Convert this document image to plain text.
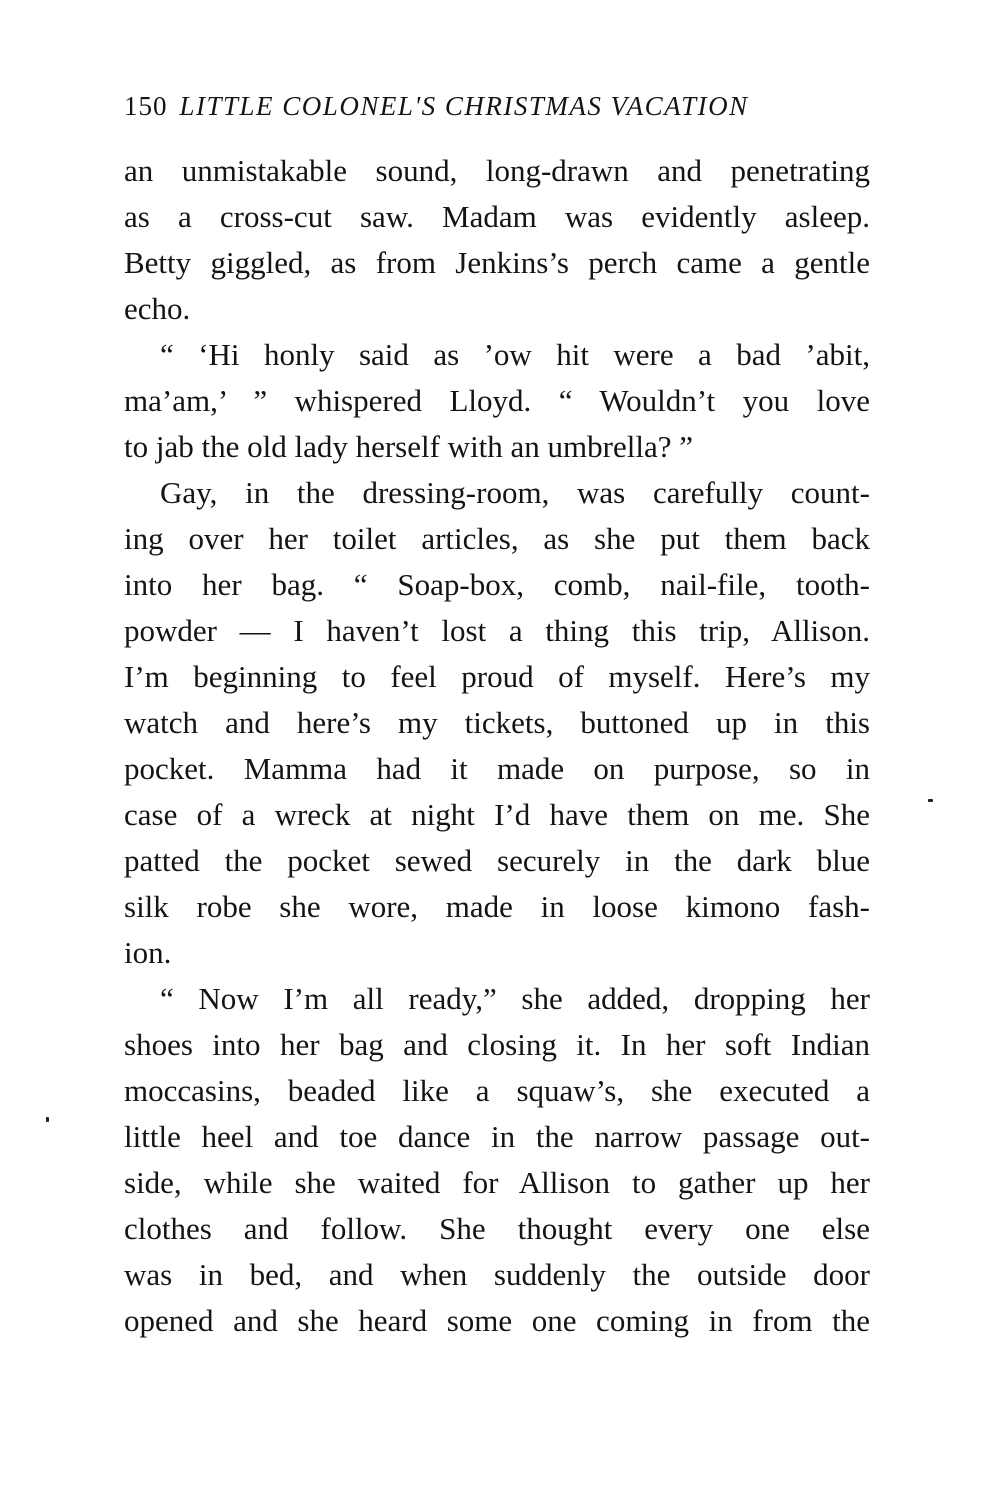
150 LITTLE COLONEL'S CHRISTMAS VACATION
an unmistakable sound, long-drawn and penetrating
as a cross-cut saw. Madam was evidently asleep.
Betty giggled, as from Jenkins’s perch came a gentle
echo.
“ ‘Hi honly said as ’ow hit were a bad ’abit,
ma’am,’ ” whispered Lloyd. “ Wouldn’t you love
to jab the old lady herself with an umbrella? ”
Gay, in the dressing-room, was carefully count-
ing over her toilet articles, as she put them back
into her bag. “ Soap-box, comb, nail-file, tooth-
powder — I haven’t lost a thing this trip, Allison.
I’m beginning to feel proud of myself. Here’s my
watch and here’s my tickets, buttoned up in this
pocket. Mamma had it made on purpose, so in
case of a wreck at night I’d have them on me. She
patted the pocket sewed securely in the dark blue
silk robe she wore, made in loose kimono fash-
ion.
“ Now I’m all ready,” she added, dropping her
shoes into her bag and closing it. In her soft Indian
moccasins, beaded like a squaw’s, she executed a
little heel and toe dance in the narrow passage out-
side, while she waited for Allison to gather up her
clothes and follow. She thought every one else
was in bed, and when suddenly the outside door
opened and she heard some one coming in from the
